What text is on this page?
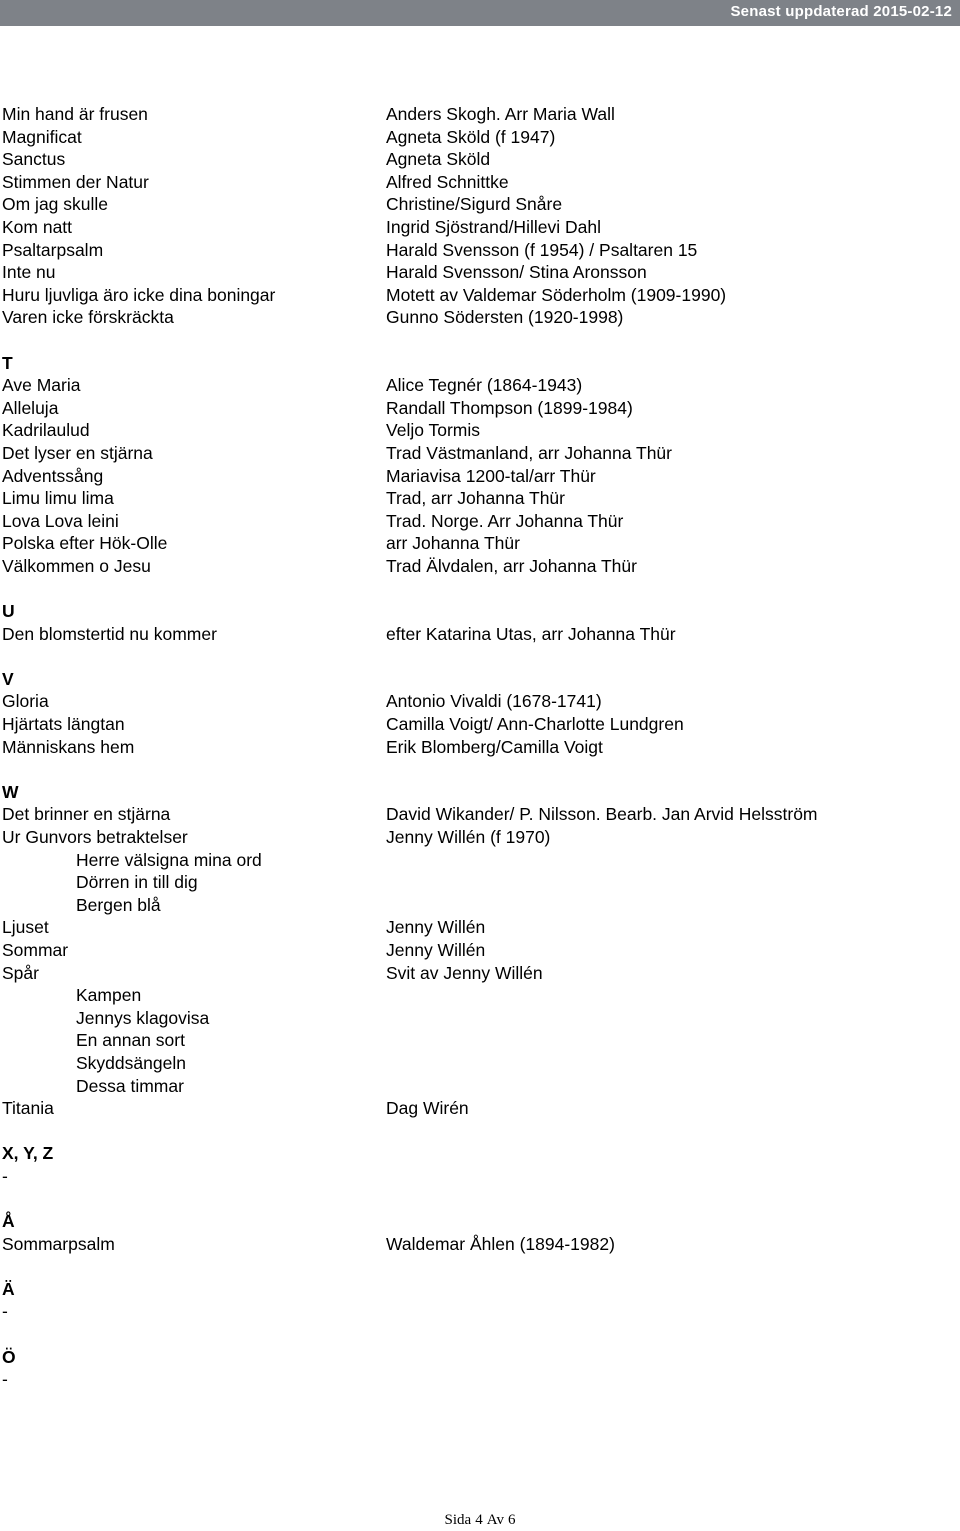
Senast uppdaterad 2015-02-12
Min hand är frusen	Anders Skogh. Arr Maria Wall
Magnificat	Agneta Sköld (f 1947)
Sanctus	Agneta Sköld
Stimmen der Natur	Alfred Schnittke
Om jag skulle	Christine/Sigurd Snåre
Kom natt	Ingrid Sjöstrand/Hillevi Dahl
Psaltarpsalm	Harald Svensson (f 1954) / Psaltaren 15
Inte nu	Harald Svensson/ Stina Aronsson
Huru ljuvliga äro icke dina boningar	Motett av Valdemar Söderholm (1909-1990)
Varen icke förskräckta	Gunno Södersten (1920-1998)
T
Ave Maria	Alice Tegnér (1864-1943)
Alleluja	Randall Thompson (1899-1984)
Kadrilaulud	Veljo Tormis
Det lyser en stjärna	Trad Västmanland, arr Johanna Thür
Adventssång	Mariavisa 1200-tal/arr Thür
Limu limu lima	Trad, arr Johanna Thür
Lova Lova leini	Trad. Norge. Arr Johanna Thür
Polska efter Hök-Olle	arr Johanna Thür
Välkommen o Jesu	Trad Älvdalen, arr Johanna Thür
U
Den blomstertid nu kommer	efter Katarina Utas, arr Johanna Thür
V
Gloria	Antonio Vivaldi (1678-1741)
Hjärtats längtan	Camilla Voigt/ Ann-Charlotte Lundgren
Människans hem	Erik Blomberg/Camilla Voigt
W
Det brinner en stjärna	David Wikander/ P. Nilsson. Bearb. Jan Arvid Helsström
Ur Gunvors betraktelser	Jenny Willén (f 1970)
Herre välsigna mina ord
Dörren in till dig
Bergen blå
Ljuset	Jenny Willén
Sommar	Jenny Willén
Spår	Svit av Jenny Willén
Kampen
Jennys klagovisa
En annan sort
Skyddsängeln
Dessa timmar
Titania	Dag Wirén
X, Y, Z
-
Å
Sommarpsalm	Waldemar Åhlen (1894-1982)
Ä
-
Ö
-
Sida 4 Av 6
